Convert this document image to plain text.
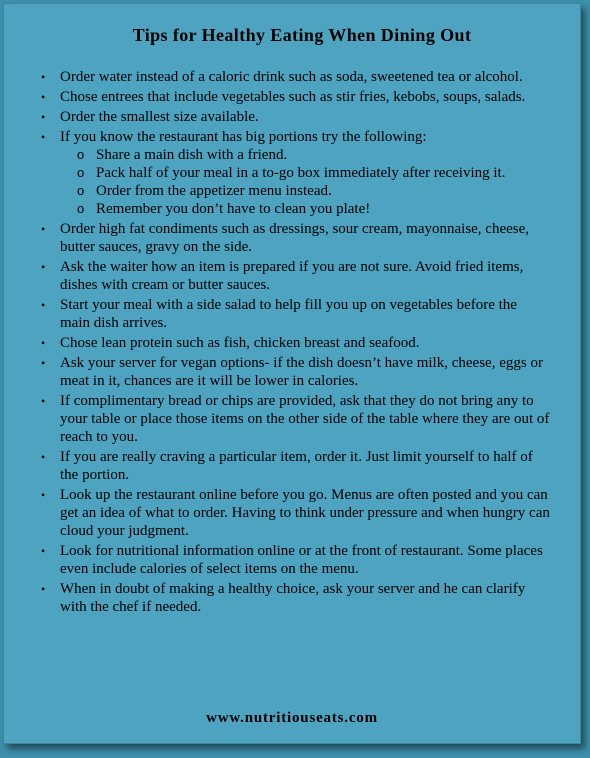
Tips for Healthy Eating When Dining Out
• Order water instead of a caloric drink such as soda, sweetened tea or alcohol.
• Chose entrees that include vegetables such as stir fries, kebobs, soups, salads.
• Order the smallest size available.
• If you know the restaurant has big portions try the following:
o Share a main dish with a friend.
o Pack half of your meal in a to-go box immediately after receiving it.
o Order from the appetizer menu instead.
o Remember you don’t have to clean you plate!
• Order high fat condiments such as dressings, sour cream, mayonnaise, cheese, butter sauces, gravy on the side.
• Ask the waiter how an item is prepared if you are not sure. Avoid fried items, dishes with cream or butter sauces.
• Start your meal with a side salad to help fill you up on vegetables before the main dish arrives.
• Chose lean protein such as fish, chicken breast and seafood.
• Ask your server for vegan options- if the dish doesn’t have milk, cheese, eggs or meat in it, chances are it will be lower in calories.
• If complimentary bread or chips are provided, ask that they do not bring any to your table or place those items on the other side of the table where they are out of reach to you.
• If you are really craving a particular item, order it. Just limit yourself to half of the portion.
• Look up the restaurant online before you go. Menus are often posted and you can get an idea of what to order. Having to think under pressure and when hungry can cloud your judgment.
• Look for nutritional information online or at the front of restaurant. Some places even include calories of select items on the menu.
• When in doubt of making a healthy choice, ask your server and he can clarify with the chef if needed.
www.nutritiouseats.com
